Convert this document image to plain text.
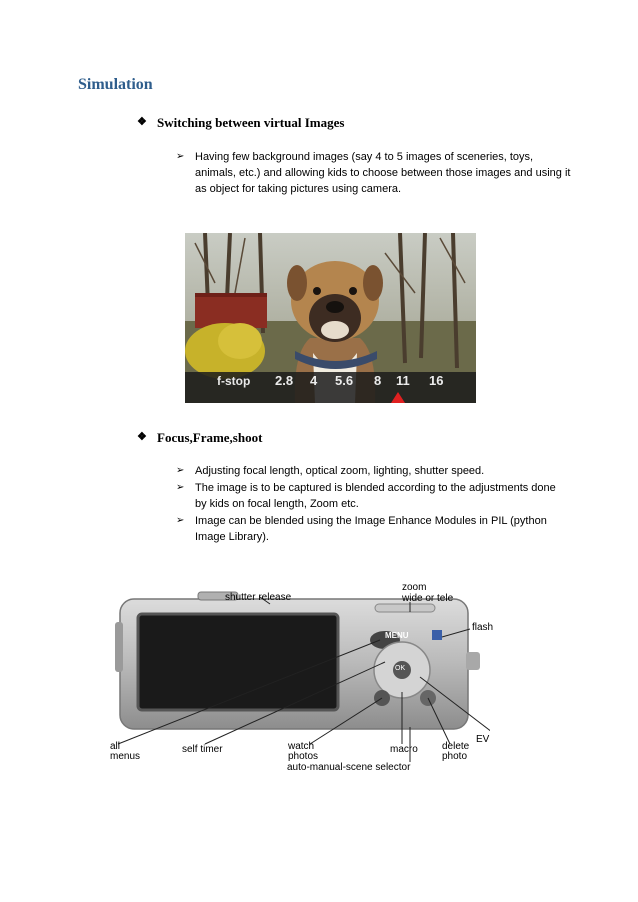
Simulation
❖ Switching between virtual Images
➢ Having few background images (say 4 to 5 images of sceneries, toys, animals, etc.) and allowing kids to choose between those images and using it as object for taking pictures using camera.
f-stop 2.8 4 5.6 8 11 16
❖ Focus,Frame,shoot
➢ Adjusting focal length, optical zoom, lighting, shutter speed.
➢ The image is to be captured is blended according to the adjustments done by kids on focal length, Zoom etc.
➢ Image can be blended using the Image Enhance Modules in PIL (python Image Library).
MENU
OK
shutter release
zoom
wide or tele
flash
all
menus
self timer	watch
photos
macro delete
photo
EV
auto-manual-scene selector
